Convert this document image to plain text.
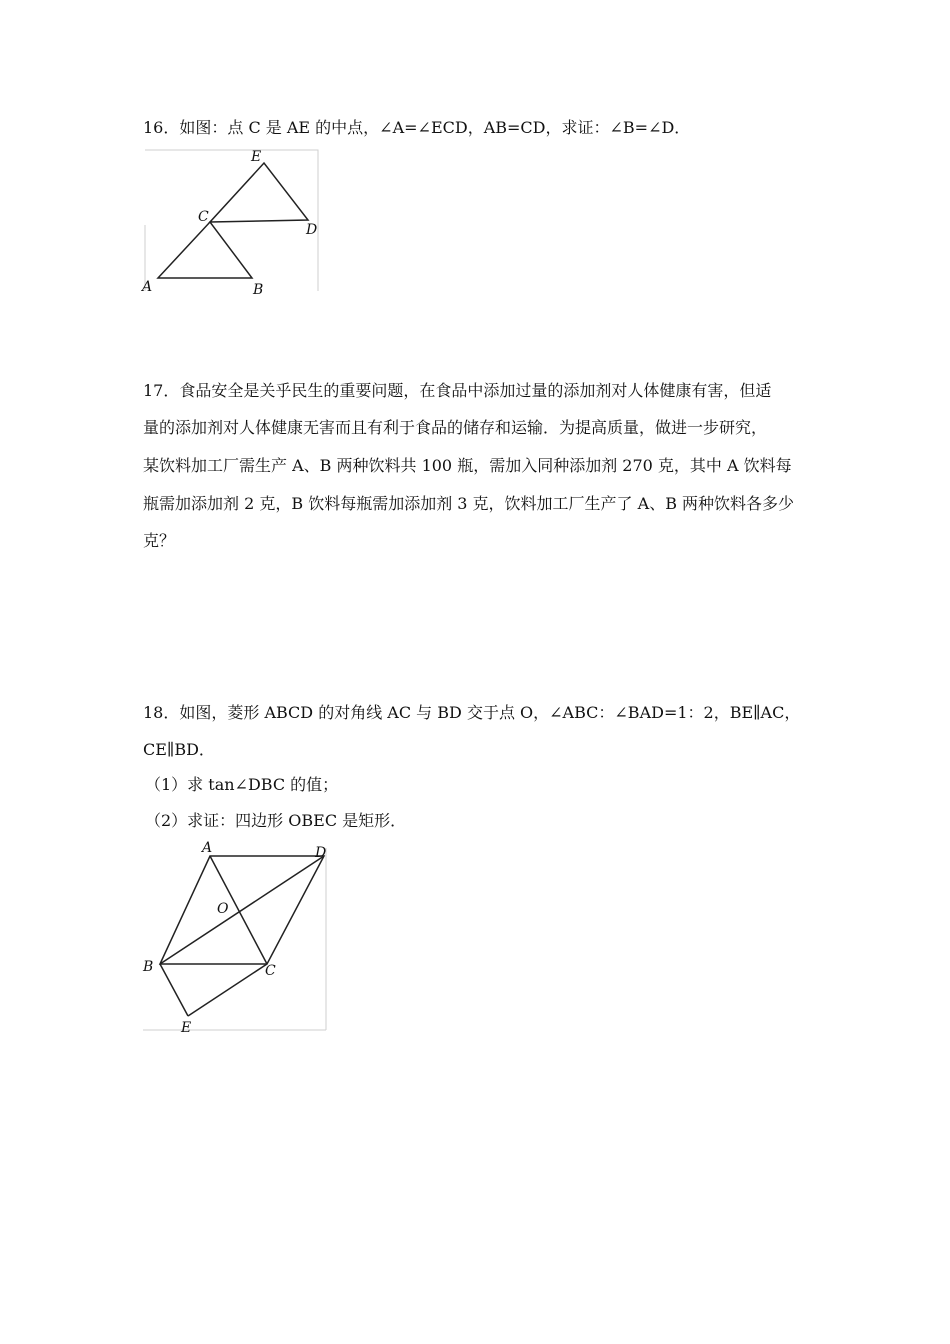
16．如图：点 C 是 AE 的中点，∠A=∠ECD，AB=CD，求证：∠B=∠D．
E
C
D
A	B
17．食品安全是关乎民生的重要问题，在食品中添加过量的添加剂对人体健康有害，但适
量的添加剂对人体健康无害而且有利于食品的储存和运输．为提高质量，做进一步研究，
某饮料加工厂需生产 A、B 两种饮料共 100 瓶，需加入同种添加剂 270 克，其中 A 饮料每
瓶需加添加剂 2 克，B 饮料每瓶需加添加剂 3 克，饮料加工厂生产了 A、B 两种饮料各多少
克？
18．如图，菱形 ABCD 的对角线 AC 与 BD 交于点 O，∠ABC：∠BAD=1：2，BE∥AC，
CE∥BD．
（1）求 tan∠DBC 的值；
（2）求证：四边形 OBEC 是矩形．
A	D
O
B	C
E
